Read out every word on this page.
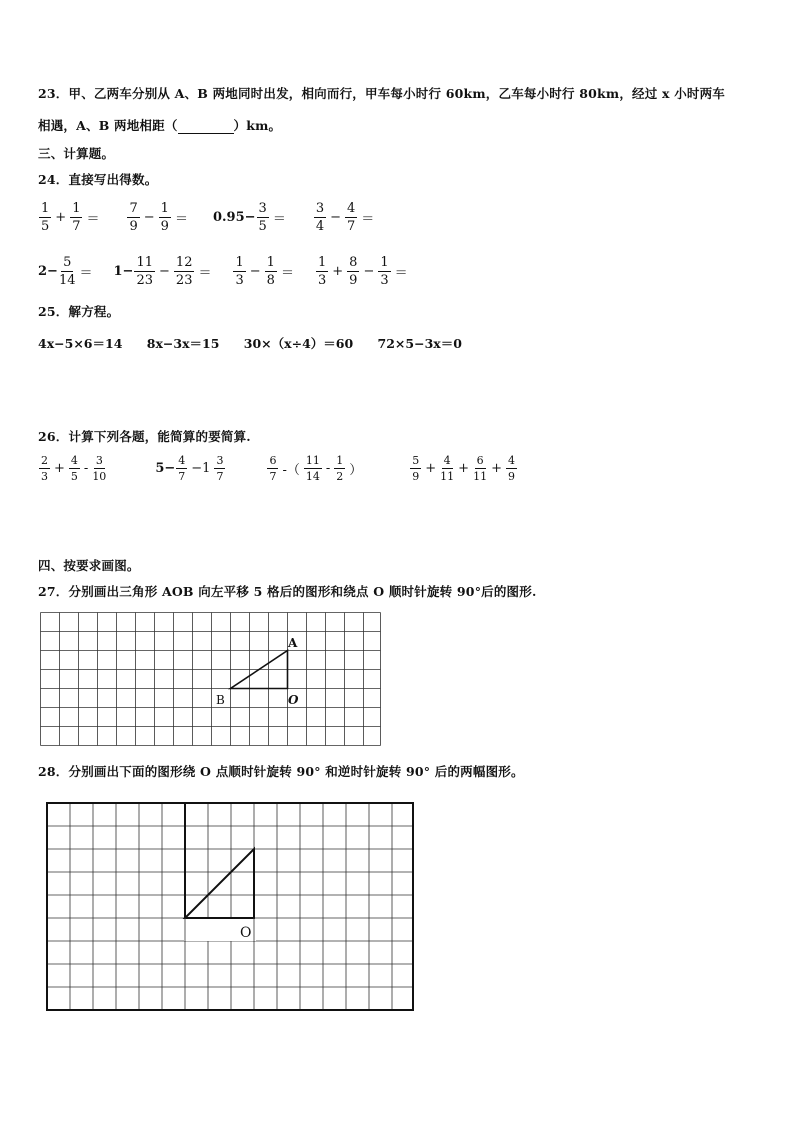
23．甲、乙两车分别从 A、B 两地同时出发，相向而行，甲车每小时行 60km，乙车每小时行 80km，经过 x 小时两车
相遇，A、B 两地相距（	）km。
三、计算题。
24．直接写出得数。
$\frac{1}{5} + \frac{1}{7} = \frac{7}{9} - \frac{1}{9} = 0.95- \frac{3}{5} = \frac{3}{4} - \frac{4}{7}$ ＝
$2- \frac{5}{14} = 1- \frac{11}{23} - \frac{12}{23} = \frac{1}{3} - \frac{1}{8} = \frac{1}{3} + \frac{8}{9} - \frac{1}{3}$ ＝
25．解方程。
4x−5×6＝14 8x−3x＝15 30×（x÷4）＝60 72×5−3x＝0
26．计算下列各题，能简算的要简算.
$\frac{2}{3} + \frac{4}{5} - \frac{3}{10}$	$5- \frac{4}{7} -1 \frac{3}{7}$	$\frac{6}{7}$ -（ $\frac{11}{14} - \frac{1}{2}$ ）	$\frac{5}{9} + \frac{4}{11} + \frac{6}{11} + \frac{4}{9}$
四、按要求画图。
27．分别画出三角形 AOB 向左平移 5 格后的图形和绕点 O 顺时针旋转 90°后的图形.
A
B	O
28．分别画出下面的图形绕 O 点顺时针旋转 90° 和逆时针旋转 90° 后的两幅图形。
O
